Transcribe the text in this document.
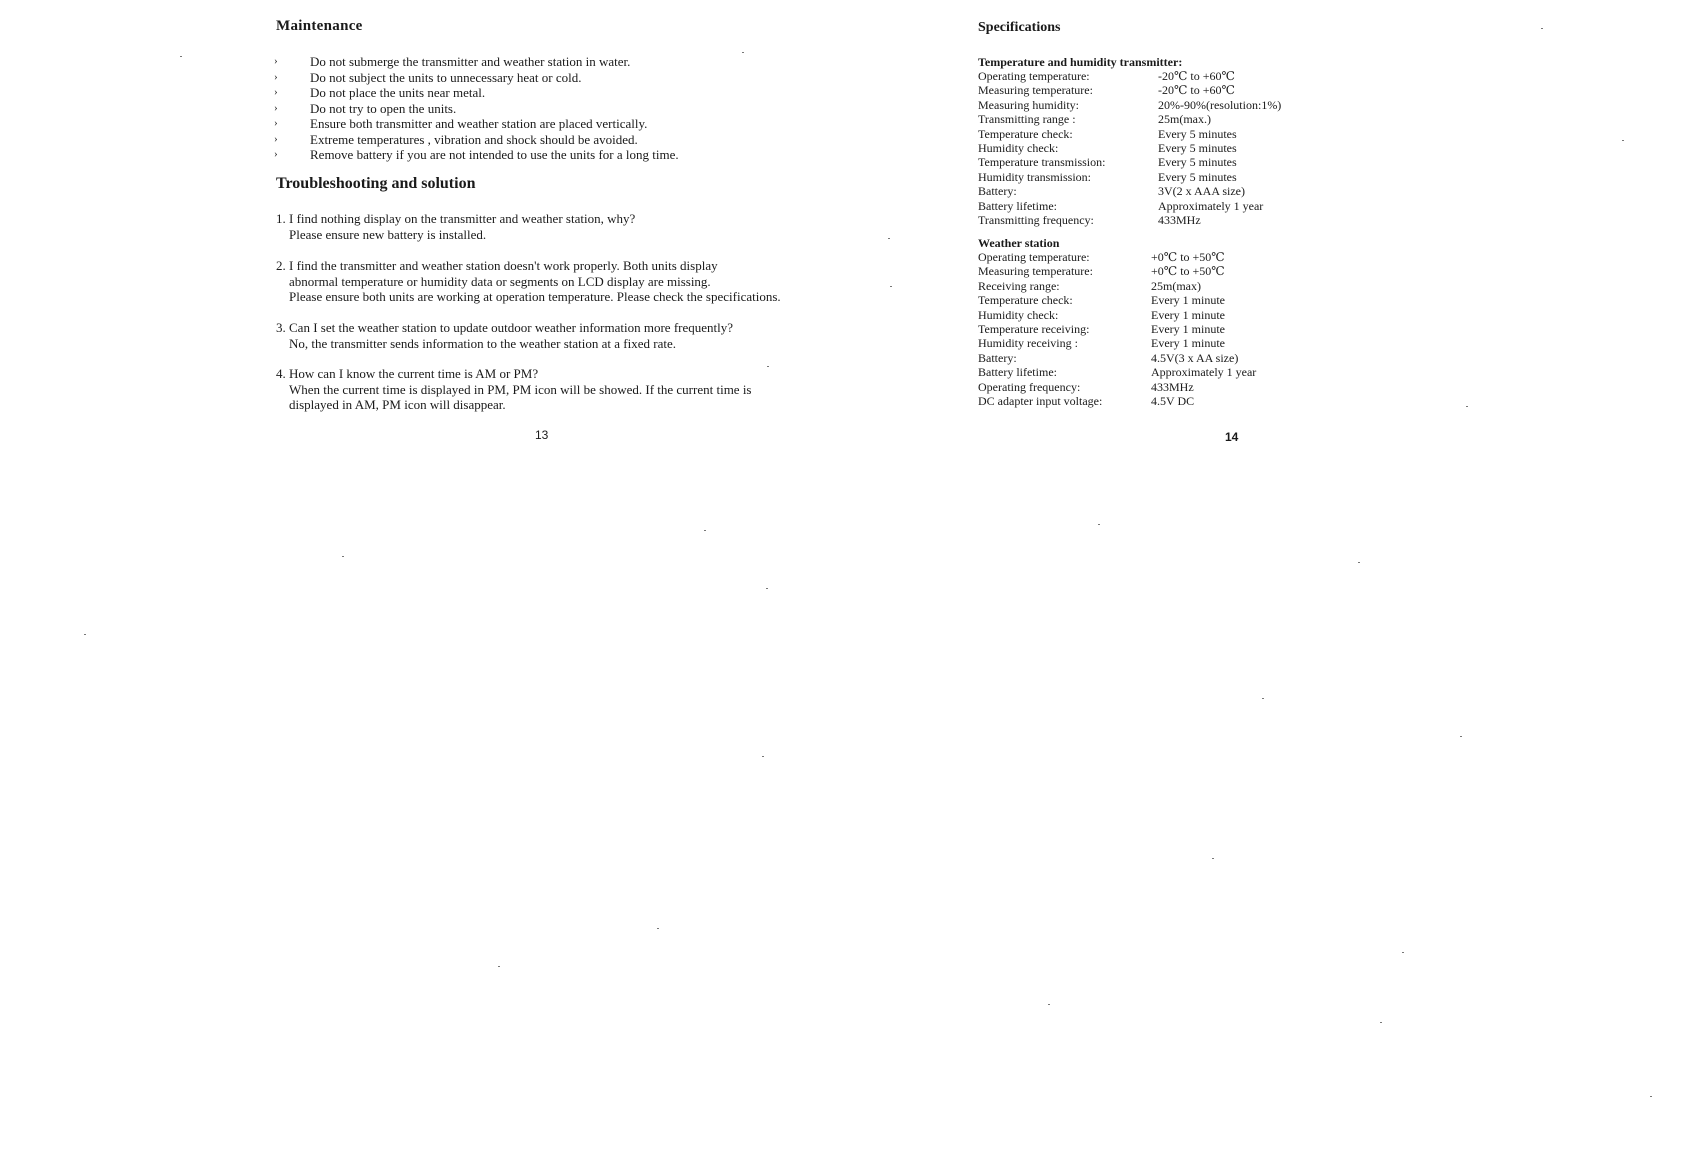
Maintenance
› Do not submerge the transmitter and weather station in water.
› Do not subject the units to unnecessary heat or cold.
› Do not place the units near metal.
› Do not try to open the units.
› Ensure both transmitter and weather station are placed vertically.
› Extreme temperatures , vibration and shock should be avoided.
› Remove battery if you are not intended to use the units for a long time.
Troubleshooting and solution
1. I find nothing display on the transmitter and weather station, why?
Please ensure new battery is installed.
2. I find the transmitter and weather station doesn't work properly. Both units display
abnormal temperature or humidity data or segments on LCD display are missing.
Please ensure both units are working at operation temperature. Please check the specifications.
3. Can I set the weather station to update outdoor weather information more frequently?
No, the transmitter sends information to the weather station at a fixed rate.
4. How can I know the current time is AM or PM?
When the current time is displayed in PM, PM icon will be showed. If the current time is
displayed in AM, PM icon will disappear.
13
Specifications
Temperature and humidity transmitter:
Operating temperature:	-20℃ to +60℃
Measuring temperature:	-20℃ to +60℃
Measuring humidity:	20%-90%(resolution:1%)
Transmitting range :	25m(max.)
Temperature check:	Every 5 minutes
Humidity check:	Every 5 minutes
Temperature transmission:	Every 5 minutes
Humidity transmission:	Every 5 minutes
Battery:	3V(2 x AAA size)
Battery lifetime:	Approximately 1 year
Transmitting frequency:	433MHz
Weather station
Operating temperature:	+0℃ to +50℃
Measuring temperature:	+0℃ to +50℃
Receiving range:	25m(max)
Temperature check:	Every 1 minute
Humidity check:	Every 1 minute
Temperature receiving:	Every 1 minute
Humidity receiving :	Every 1 minute
Battery:	4.5V(3 x AA size)
Battery lifetime:	Approximately 1 year
Operating frequency:	433MHz
DC adapter input voltage:	4.5V DC
14
